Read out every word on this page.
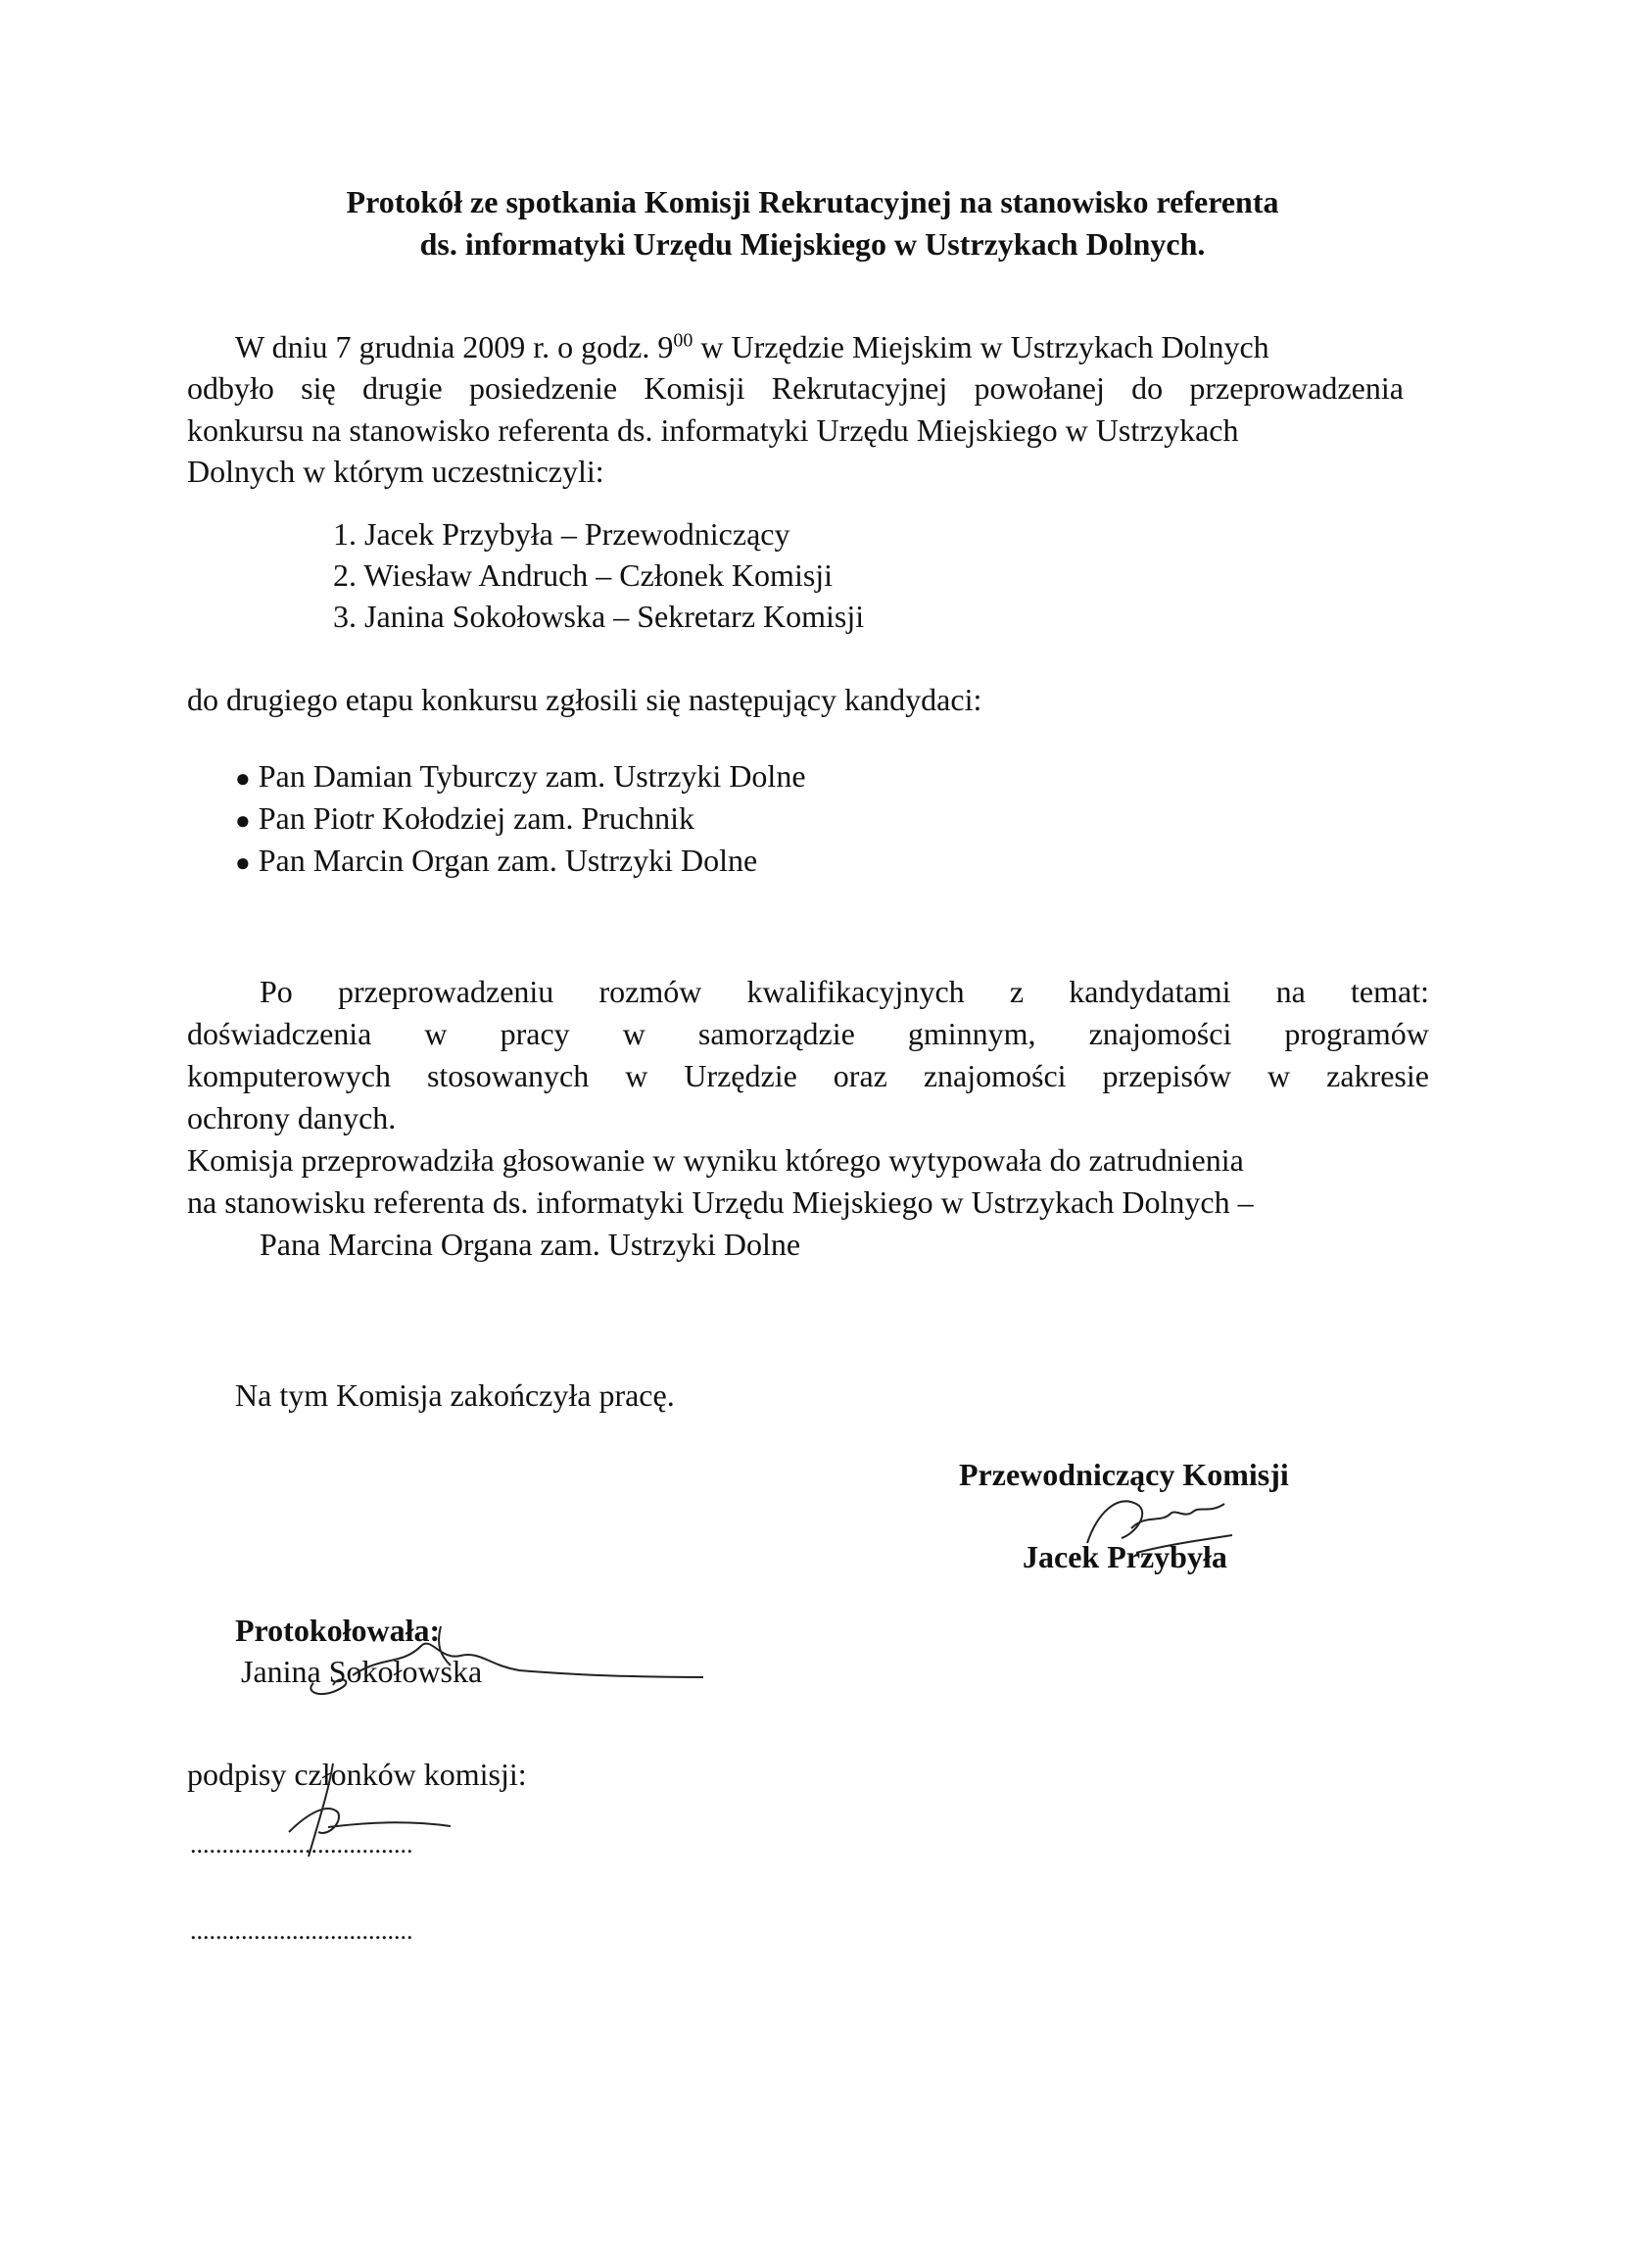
Protokół ze spotkania Komisji Rekrutacyjnej na stanowisko referenta
ds. informatyki Urzędu Miejskiego w Ustrzykach Dolnych.
W dniu 7 grudnia 2009 r. o godz. $9^{00}$ w Urzędzie Miejskim w Ustrzykach Dolnych
odbyło się drugie posiedzenie Komisji Rekrutacyjnej powołanej do przeprowadzenia
konkursu na stanowisko referenta ds. informatyki Urzędu Miejskiego w Ustrzykach
Dolnych w którym uczestniczyli:
1. Jacek Przybyła – Przewodniczący
2. Wiesław Andruch – Członek Komisji
3. Janina Sokołowska – Sekretarz Komisji
do drugiego etapu konkursu zgłosili się następujący kandydaci:
● Pan Damian Tyburczy zam. Ustrzyki Dolne
● Pan Piotr Kołodziej zam. Pruchnik
● Pan Marcin Organ zam. Ustrzyki Dolne
Po przeprowadzeniu rozmów kwalifikacyjnych z kandydatami na temat:
doświadczenia w pracy w samorządzie gminnym, znajomości programów
komputerowych stosowanych w Urzędzie oraz znajomości przepisów w zakresie
ochrony danych.
Komisja przeprowadziła głosowanie w wyniku którego wytypowała do zatrudnienia
na stanowisku referenta ds. informatyki Urzędu Miejskiego w Ustrzykach Dolnych –
Pana Marcina Organa zam. Ustrzyki Dolne
Na tym Komisja zakończyła pracę.
Przewodniczący Komisji
Jacek Przybyła
Protokołowała:
Janina Sokołowska
podpisy członków komisji:
...................................
...................................
